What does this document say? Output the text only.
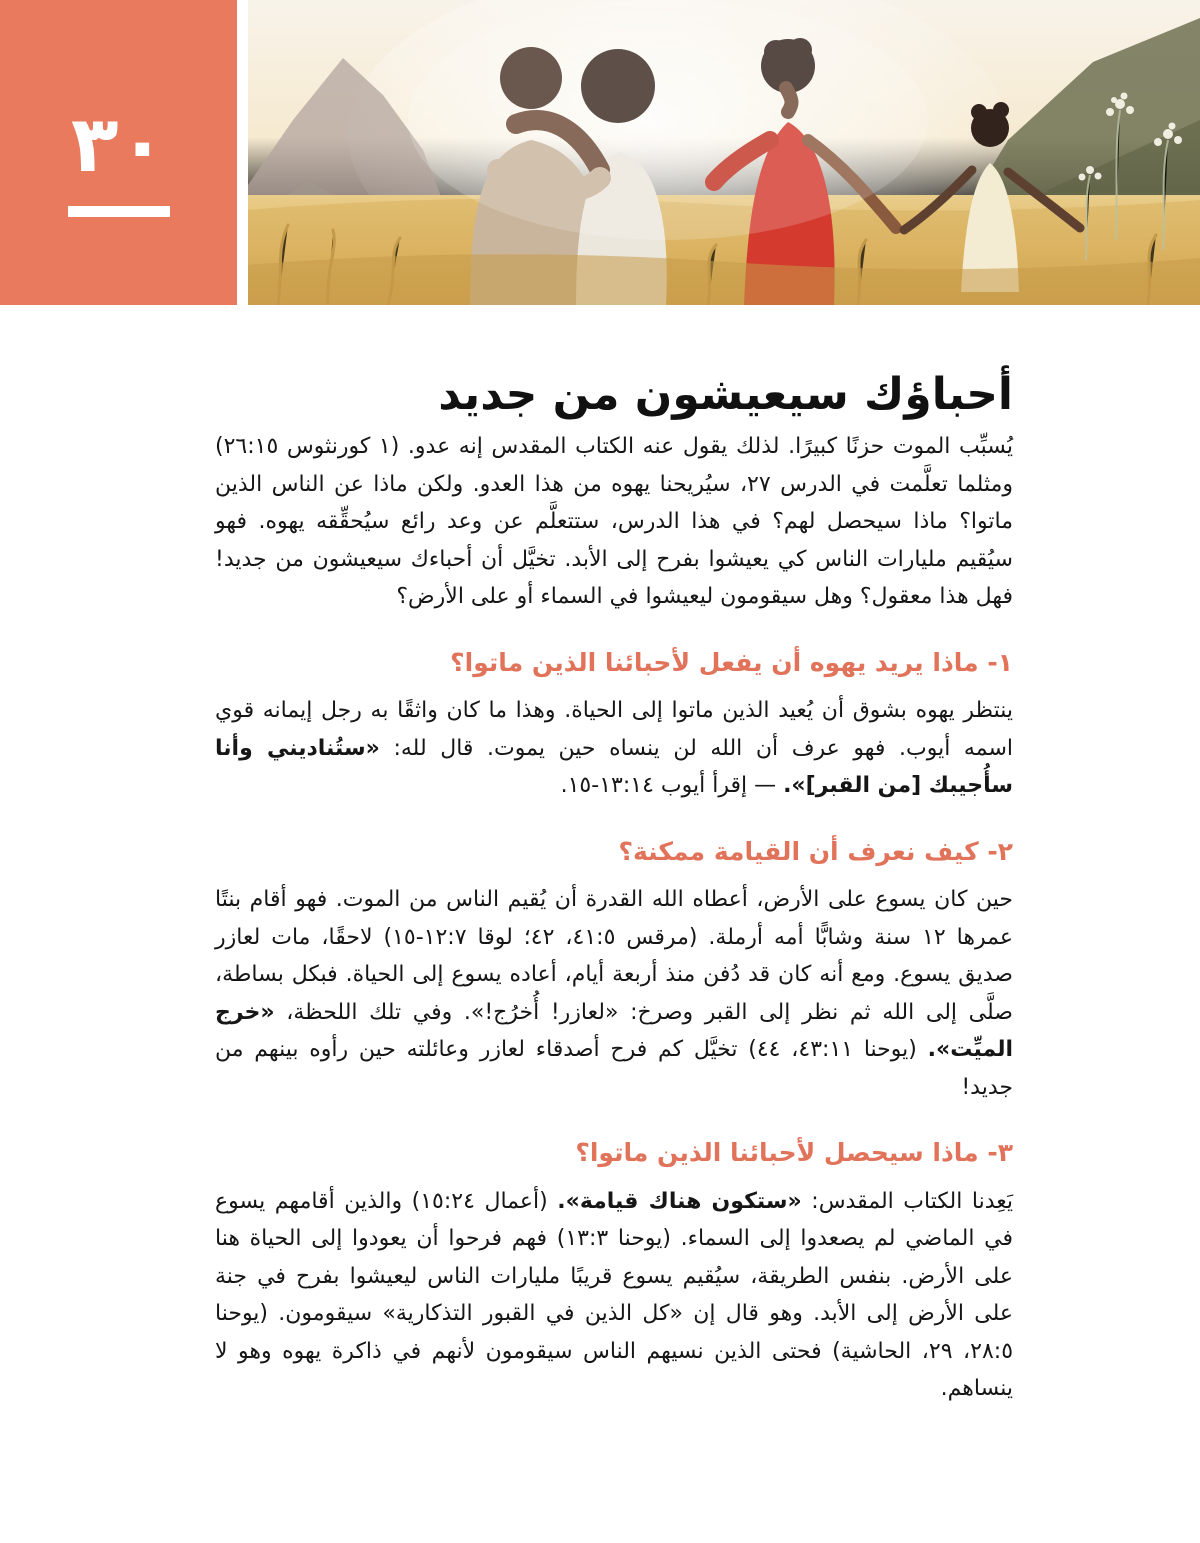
٣٠
أحباؤك سيعيشون من جديد

يُسبِّب الموت حزنًا كبيرًا. لذلك يقول عنه الكتاب المقدس إنه عدو. (١ كورنثوس ١٥:‏٢٦) ومثلما تعلَّمت في الدرس ٢٧، سيُريحنا يهوه من هذا العدو. ولكن ماذا عن الناس الذين ماتوا؟ ماذا سيحصل لهم؟ في هذا الدرس، ستتعلَّم عن وعد رائع سيُحقِّقه يهوه. فهو سيُقيم مليارات الناس كي يعيشوا بفرح إلى الأبد. تخيَّل أن أحباءك سيعيشون من جديد! فهل هذا معقول؟ وهل سيقومون ليعيشوا في السماء أو على الأرض؟

١- ماذا يريد يهوه أن يفعل لأحبائنا الذين ماتوا؟

ينتظر يهوه بشوق أن يُعيد الذين ماتوا إلى الحياة. وهذا ما كان واثقًا به رجل إيمانه قوي اسمه أيوب. فهو عرف أن الله لن ينساه حين يموت. قال لله: «ستُناديني وأنا سأُجيبك [من القبر]». — إقرأ أيوب ١٤:‏١٣-‏١٥.

٢- كيف نعرف أن القيامة ممكنة؟

حين كان يسوع على الأرض، أعطاه الله القدرة أن يُقيم الناس من الموت. فهو أقام بنتًا عمرها ١٢ سنة وشابًّا أمه أرملة. (مرقس ٥:‏٤١، ٤٢؛ لوقا ٧:‏١٢-‏١٥) لاحقًا، مات لعازر صديق يسوع. ومع أنه كان قد دُفن منذ أربعة أيام، أعاده يسوع إلى الحياة. فبكل بساطة، صلَّى إلى الله ثم نظر إلى القبر وصرخ: «لعازر! أُخرُج!». وفي تلك اللحظة، «خرج الميِّت». (يوحنا ١١:‏٤٣، ٤٤) تخيَّل كم فرح أصدقاء لعازر وعائلته حين رأوه بينهم من جديد!

٣- ماذا سيحصل لأحبائنا الذين ماتوا؟

يَعِدنا الكتاب المقدس: «ستكون هناك قيامة». (أعمال ٢٤:‏١٥) والذين أقامهم يسوع في الماضي لم يصعدوا إلى السماء. (يوحنا ٣:‏١٣) فهم فرحوا أن يعودوا إلى الحياة هنا على الأرض. بنفس الطريقة، سيُقيم يسوع قريبًا مليارات الناس ليعيشوا بفرح في جنة على الأرض إلى الأبد. وهو قال إن «كل الذين في القبور التذكارية» سيقومون. (يوحنا ٥:‏٢٨، ٢٩، الحاشية) فحتى الذين نسيهم الناس سيقومون لأنهم في ذاكرة يهوه وهو لا ينساهم.
